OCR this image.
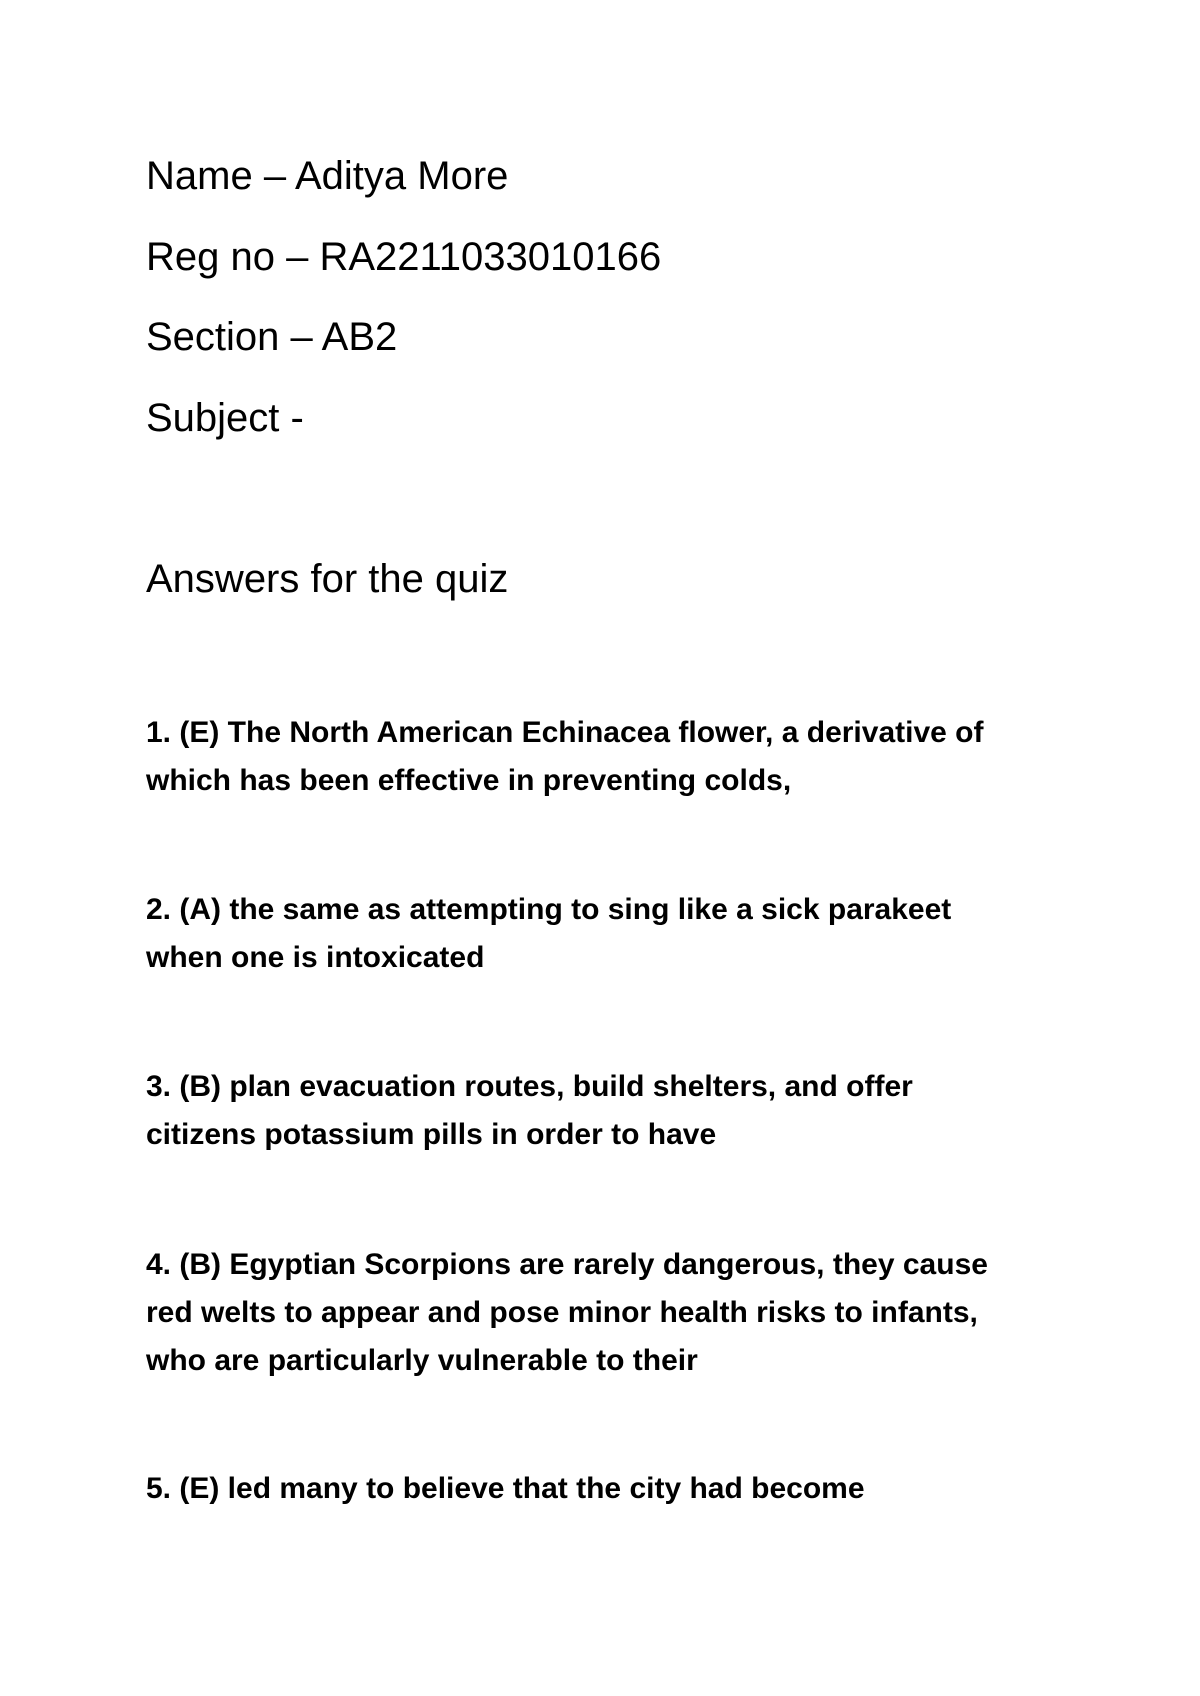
Name – Aditya More
Reg no – RA2211033010166
Section – AB2
Subject -
Answers for the quiz
1. (E) The North American Echinacea flower, a derivative of
which has been effective in preventing colds,
2. (A) the same as attempting to sing like a sick parakeet
when one is intoxicated
3. (B) plan evacuation routes, build shelters, and offer
citizens potassium pills in order to have
4. (B) Egyptian Scorpions are rarely dangerous, they cause
red welts to appear and pose minor health risks to infants,
who are particularly vulnerable to their
5. (E) led many to believe that the city had become
